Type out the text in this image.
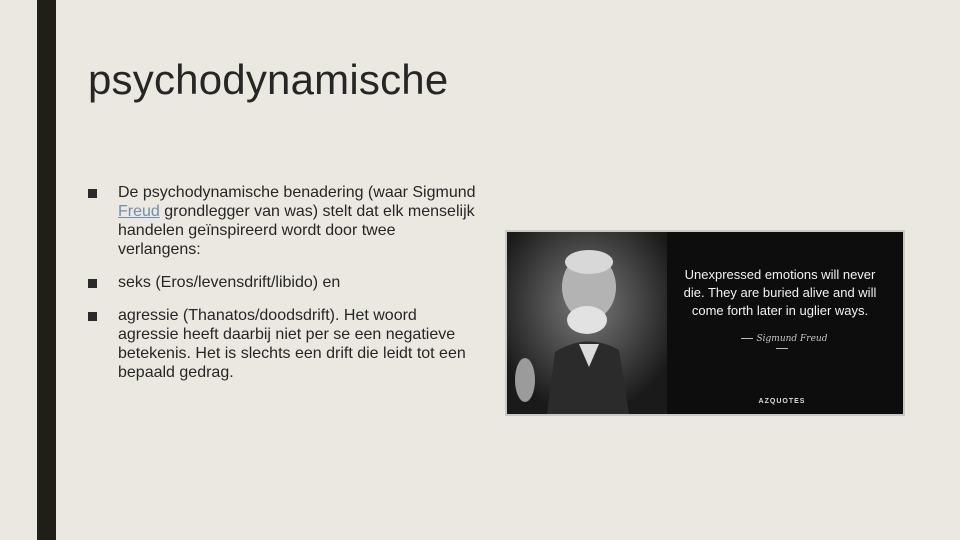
psychodynamische
De psychodynamische benadering (waar Sigmund Freud grondlegger van was) stelt dat elk menselijk handelen geïnspireerd wordt door twee verlangens:
seks (Eros/levensdrift/libido) en
agressie (Thanatos/doodsdrift). Het woord agressie heeft daarbij niet per se een negatieve betekenis. Het is slechts een drift die leidt tot een bepaald gedrag.
Unexpressed emotions will never die. They are buried alive and will come forth later in uglier ways.
Sigmund Freud
AZQUOTES
